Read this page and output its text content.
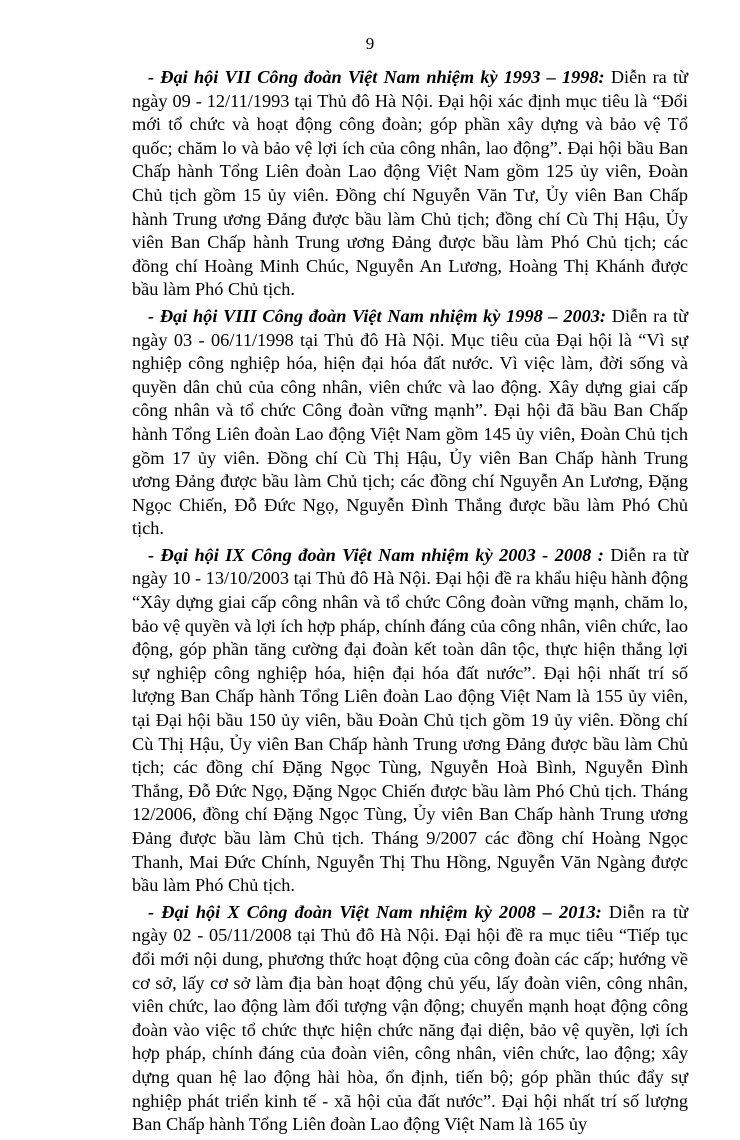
9

- Đại hội VII Công đoàn Việt Nam nhiệm kỳ 1993 – 1998: Diễn ra từ ngày 09 - 12/11/1993 tại Thủ đô Hà Nội. Đại hội xác định mục tiêu là “Đổi mới tổ chức và hoạt động công đoàn; góp phần xây dựng và bảo vệ Tổ quốc; chăm lo và bảo vệ lợi ích của công nhân, lao động”. Đại hội bầu Ban Chấp hành Tổng Liên đoàn Lao động Việt Nam gồm 125 ủy viên, Đoàn Chủ tịch gồm 15 ủy viên. Đồng chí Nguyễn Văn Tư, Ủy viên Ban Chấp hành Trung ương Đảng được bầu làm Chủ tịch; đồng chí Cù Thị Hậu, Ủy viên Ban Chấp hành Trung ương Đảng được bầu làm Phó Chủ tịch; các đồng chí Hoàng Minh Chúc, Nguyễn An Lương, Hoàng Thị Khánh được bầu làm Phó Chủ tịch.

- Đại hội VIII Công đoàn Việt Nam nhiệm kỳ 1998 – 2003: Diễn ra từ ngày 03 - 06/11/1998 tại Thủ đô Hà Nội. Mục tiêu của Đại hội là “Vì sự nghiệp công nghiệp hóa, hiện đại hóa đất nước. Vì việc làm, đời sống và quyền dân chủ của công nhân, viên chức và lao động. Xây dựng giai cấp công nhân và tổ chức Công đoàn vững mạnh”. Đại hội đã bầu Ban Chấp hành Tổng Liên đoàn Lao động Việt Nam gồm 145 ủy viên, Đoàn Chủ tịch gồm 17 ủy viên. Đồng chí Cù Thị Hậu, Ủy viên Ban Chấp hành Trung ương Đảng được bầu làm Chủ tịch; các đồng chí Nguyễn An Lương, Đặng Ngọc Chiến, Đỗ Đức Ngọ, Nguyễn Đình Thắng được bầu làm Phó Chủ tịch.

- Đại hội IX Công đoàn Việt Nam nhiệm kỳ 2003 - 2008 : Diễn ra từ ngày 10 - 13/10/2003 tại Thủ đô Hà Nội. Đại hội đề ra khẩu hiệu hành động “Xây dựng giai cấp công nhân và tổ chức Công đoàn vững mạnh, chăm lo, bảo vệ quyền và lợi ích hợp pháp, chính đáng của công nhân, viên chức, lao động, góp phần tăng cường đại đoàn kết toàn dân tộc, thực hiện thắng lợi sự nghiệp công nghiệp hóa, hiện đại hóa đất nước”. Đại hội nhất trí số lượng Ban Chấp hành Tổng Liên đoàn Lao động Việt Nam là 155 ủy viên, tại Đại hội bầu 150 ủy viên, bầu Đoàn Chủ tịch gồm 19 ủy viên. Đồng chí Cù Thị Hậu, Ủy viên Ban Chấp hành Trung ương Đảng được bầu làm Chủ tịch; các đồng chí Đặng Ngọc Tùng, Nguyễn Hoà Bình, Nguyễn Đình Thắng, Đỗ Đức Ngọ, Đặng Ngọc Chiến được bầu làm Phó Chủ tịch. Tháng 12/2006, đồng chí Đặng Ngọc Tùng, Ủy viên Ban Chấp hành Trung ương Đảng được bầu làm Chủ tịch. Tháng 9/2007 các đồng chí Hoàng Ngọc Thanh, Mai Đức Chính, Nguyễn Thị Thu Hồng, Nguyễn Văn Ngàng được bầu làm Phó Chủ tịch.

- Đại hội X Công đoàn Việt Nam nhiệm kỳ 2008 – 2013: Diễn ra từ ngày 02 - 05/11/2008 tại Thủ đô Hà Nội. Đại hội đề ra mục tiêu “Tiếp tục đổi mới nội dung, phương thức hoạt động của công đoàn các cấp; hướng về cơ sở, lấy cơ sở làm địa bàn hoạt động chủ yếu, lấy đoàn viên, công nhân, viên chức, lao động làm đối tượng vận động; chuyển mạnh hoạt động công đoàn vào việc tổ chức thực hiện chức năng đại diện, bảo vệ quyền, lợi ích hợp pháp, chính đáng của đoàn viên, công nhân, viên chức, lao động; xây dựng quan hệ lao động hài hòa, ổn định, tiến bộ; góp phần thúc đẩy sự nghiệp phát triển kinh tế - xã hội của đất nước”. Đại hội nhất trí số lượng Ban Chấp hành Tổng Liên đoàn Lao động Việt Nam là 165 ủy
